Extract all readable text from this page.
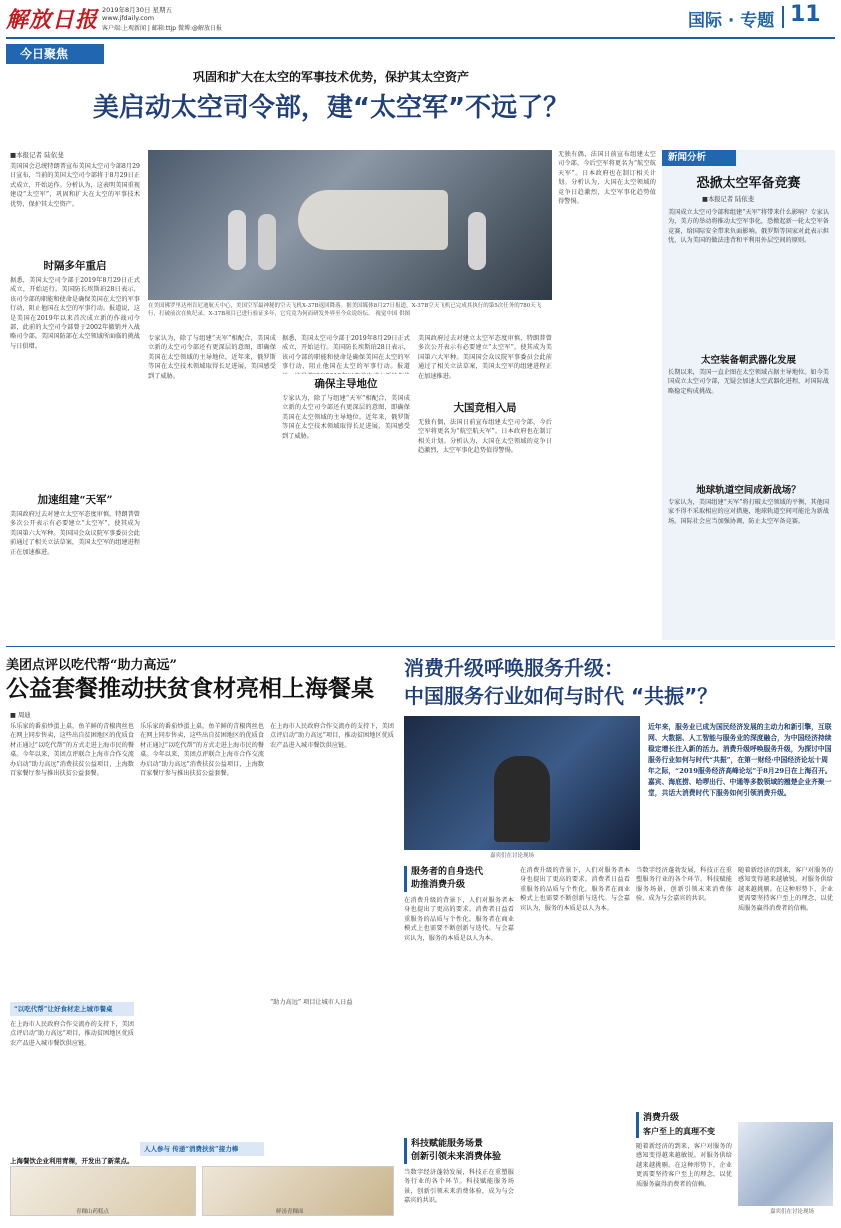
解放日报 2019年8月30日 星期五
www.jfdaily.com
客户端:上观新闻 | 邮箱:ttjp 微博:@解放日报	国际 · 专题 11
今日聚焦
巩固和扩大在太空的军事技术优势，保护其太空资产
美启动太空司令部，建“太空军”不远了？
■本报记者 陆依斐
美国国会总统特朗普宣布美国太空司令部8月29日宣布，当前的美国太空司令部将于8月29日正式成立，开始运作。分析认为，这表明美国重视建设“太空军”，巩固和扩大在太空的军事技术优势，保护其太空资产。
时隔多年重启
据悉，美国太空司令部于2019年8月29日正式成立，开始运行。美国防长埃斯珀28日表示，该司令部的职能和使命是确保美国在太空的军事行动，阻止他国在太空的军事行动。报道说，这是美国在2019年以来首次成立新的作战司令部，此前的太空司令部曾于2002年撤销并入战略司令部。美国国防部在太空领域所面临的挑战与日俱增。
加速组建“天军”
美国政府过去对建立太空军态度审慎，特朗普曾多次公开表示有必要建立“太空军”，使其成为美国第六大军种。美国国会众议院军事委员会此前通过了相关立法草案，美国太空军的组建进程正在加速推进。
在美国佛罗里达州肯尼迪航天中心，美国空军最神秘的空天飞机X-37B返回降落。据美国媒体8月27日报道，X-37B空天飞机已完成其执行的第5次任务的780天飞行，打破前次在轨纪录。X-37B项目已进行验证多年，它究竟为何而研发外界至今众说纷纭。 视觉中国 供图
专家认为，除了与组建“天军”相配合，美国成立新的太空司令部还有更深层的意图，即确保美国在太空领域的主导地位。近年来，俄罗斯等国在太空技术领域取得长足进展，美国感受到了威胁。
据悉，美国太空司令部于2019年8月29日正式成立，开始运行。美国防长埃斯珀28日表示，该司令部的职能和使命是确保美国在太空的军事行动，阻止他国在太空的军事行动。报道
确保主导地位
专家认为，除了与组建“天军”相配合，美国成立新的太空司令部还有更深层的意图，即确保美国在太空领域的主导地位。近年来，俄罗斯等国在太空技术领域取得长足进展，美国感受到了威胁。
美国政府过去对建立太空军态度审慎，特朗普曾多次公开表示有必要建立“太空军”，使其成为美国第六大军种。美国国会众议院军事委员会此前通过了相关立法草案，美国太空军的组建进程正在加速推进。
大国竞相入局
无独有偶，法国日前宣布组建太空司令部，今后空军将更名为“航空航天军”。日本政府也在制订相关计划。分析认为，大国在太空领域的竞争日趋激烈，太空军事化趋势值得警惕。
无独有偶，法国日前宣布组建太空司令部，今后空军将更名为“航空航天军”。日本政府也在制订相关计划。分析认为，大国在太空领域的竞争日趋激烈，太空军事化趋势值得警惕。
新闻分析
恐掀太空军备竞赛
■本报记者 陆依斐
美国成立太空司令部和组建“天军”将带来什么影响？专家认为，美方的举动将推动太空军事化，恐掀起新一轮太空军备竞赛，给国际安全带来负面影响。俄罗斯等国家对此表示担忧，认为美国的做法违背和平利用外层空间的原则。
太空装备朝武器化发展
长期以来，美国一直企图在太空领域占据主导地位。如今美国成立太空司令部，无疑会加速太空武器化进程，对国际战略稳定构成挑战。
地球轨道空间成新战场？
专家认为，美国组建“天军”将打破太空领域的平衡，其他国家不得不采取相应的应对措施，地球轨道空间可能沦为新战场。国际社会应当加强协调，防止太空军备竞赛。
美团点评以吃代帮“助力高远”
公益套餐推动扶贫食材亮相上海餐桌
■ 周迪
乐乐家的番茄炒蛋上桌，鱼羊鲜的青椒肉丝也在网上同步售卖，这些出自贫困地区的优质食材正通过“以吃代帮”的方式走进上海市民的餐桌。今年以来，美团点评联合上海市合作交流办启动“助力高远”消费扶贫公益项目，上海数百家餐厅参与推出扶贫公益套餐。
乐乐家的番茄炒蛋上桌，鱼羊鲜的青椒肉丝也在网上同步售卖，这些出自贫困地区的优质食材正通过“以吃代帮”的方式走进上海市民的餐桌。今年以来，美团点评联合上海市合作交流办启动“助力高远”消费扶贫公益项目，上海数百家餐厅参与推出扶贫公益套餐。
在上海市人民政府合作交流办的支持下，美团点评启动“助力高远”项目，推动贫困地区优质农产品进入城市餐饮供应链。
“以吃代帮”让好食材走上城市餐桌
在上海市人民政府合作交流办的支持下，美团点评启动“助力高远”项目，推动贫困地区优质农产品进入城市餐饮供应链。
人人参与 传递“消费扶贫”接力棒
“助力高远” 项目让城市人日益
上海餐饮企业利用青稞，开发出了新菜点。
青稞山药糕点	鲜汤青稞面
消费升级呼唤服务升级：
中国服务行业如何与时代 “共振”？
嘉宾们在讨论现场
近年来，服务业已成为国民经济发展的主动力和新引擎，互联网、大数据、人工智能与服务业的深度融合，为中国经济持续稳定增长注入新的活力。消费升级呼唤服务升级，为探讨中国服务行业如何与时代“共振”，在第一财经·中国经济论坛十周年之际，“2019服务经济高峰论坛”于8月29日在上海召开。 嘉宾、海底捞、哈啰出行、中通等多数领域的翘楚企业齐聚一堂，共话大消费时代下服务如何引领消费升级。
服务者的自身迭代
助推消费升级
在消费升级的背景下，人们对服务者本身也提出了更高的要求。消费者日益看重服务的品质与个性化，服务者在商业模式上也需要不断创新与迭代。与会嘉宾认为，服务的本质是以人为本。
科技赋能服务场景
创新引领未来消费体验
当数字经济蓬勃发展，科技正在重塑服务行业的各个环节。科技赋能服务场景，创新引领未来消费体验，成为与会嘉宾的共识。
在消费升级的背景下，人们对服务者本身也提出了更高的要求。消费者日益看重服务的品质与个性化，服务者在商业模式上也需要不断创新与迭代。与会嘉宾认为，服务的本质是以人为本。
当数字经济蓬勃发展，科技正在重塑服务行业的各个环节。科技赋能服务场景，创新引领未来消费体验，成为与会嘉宾的共识。
消费升级
客户至上的真理不变
随着新经济的到来，客户对服务的感知变得越来越敏锐。对服务供给越来越挑剔。在这种形势下，企业更需要坚持客户至上的理念，以优质服务赢得消费者的信赖。
随着新经济的到来，客户对服务的感知变得越来越敏锐。对服务供给越来越挑剔。在这种形势下，企业更需要坚持客户至上的理念，以优质服务赢得消费者的信赖。
嘉宾们在讨论现场
